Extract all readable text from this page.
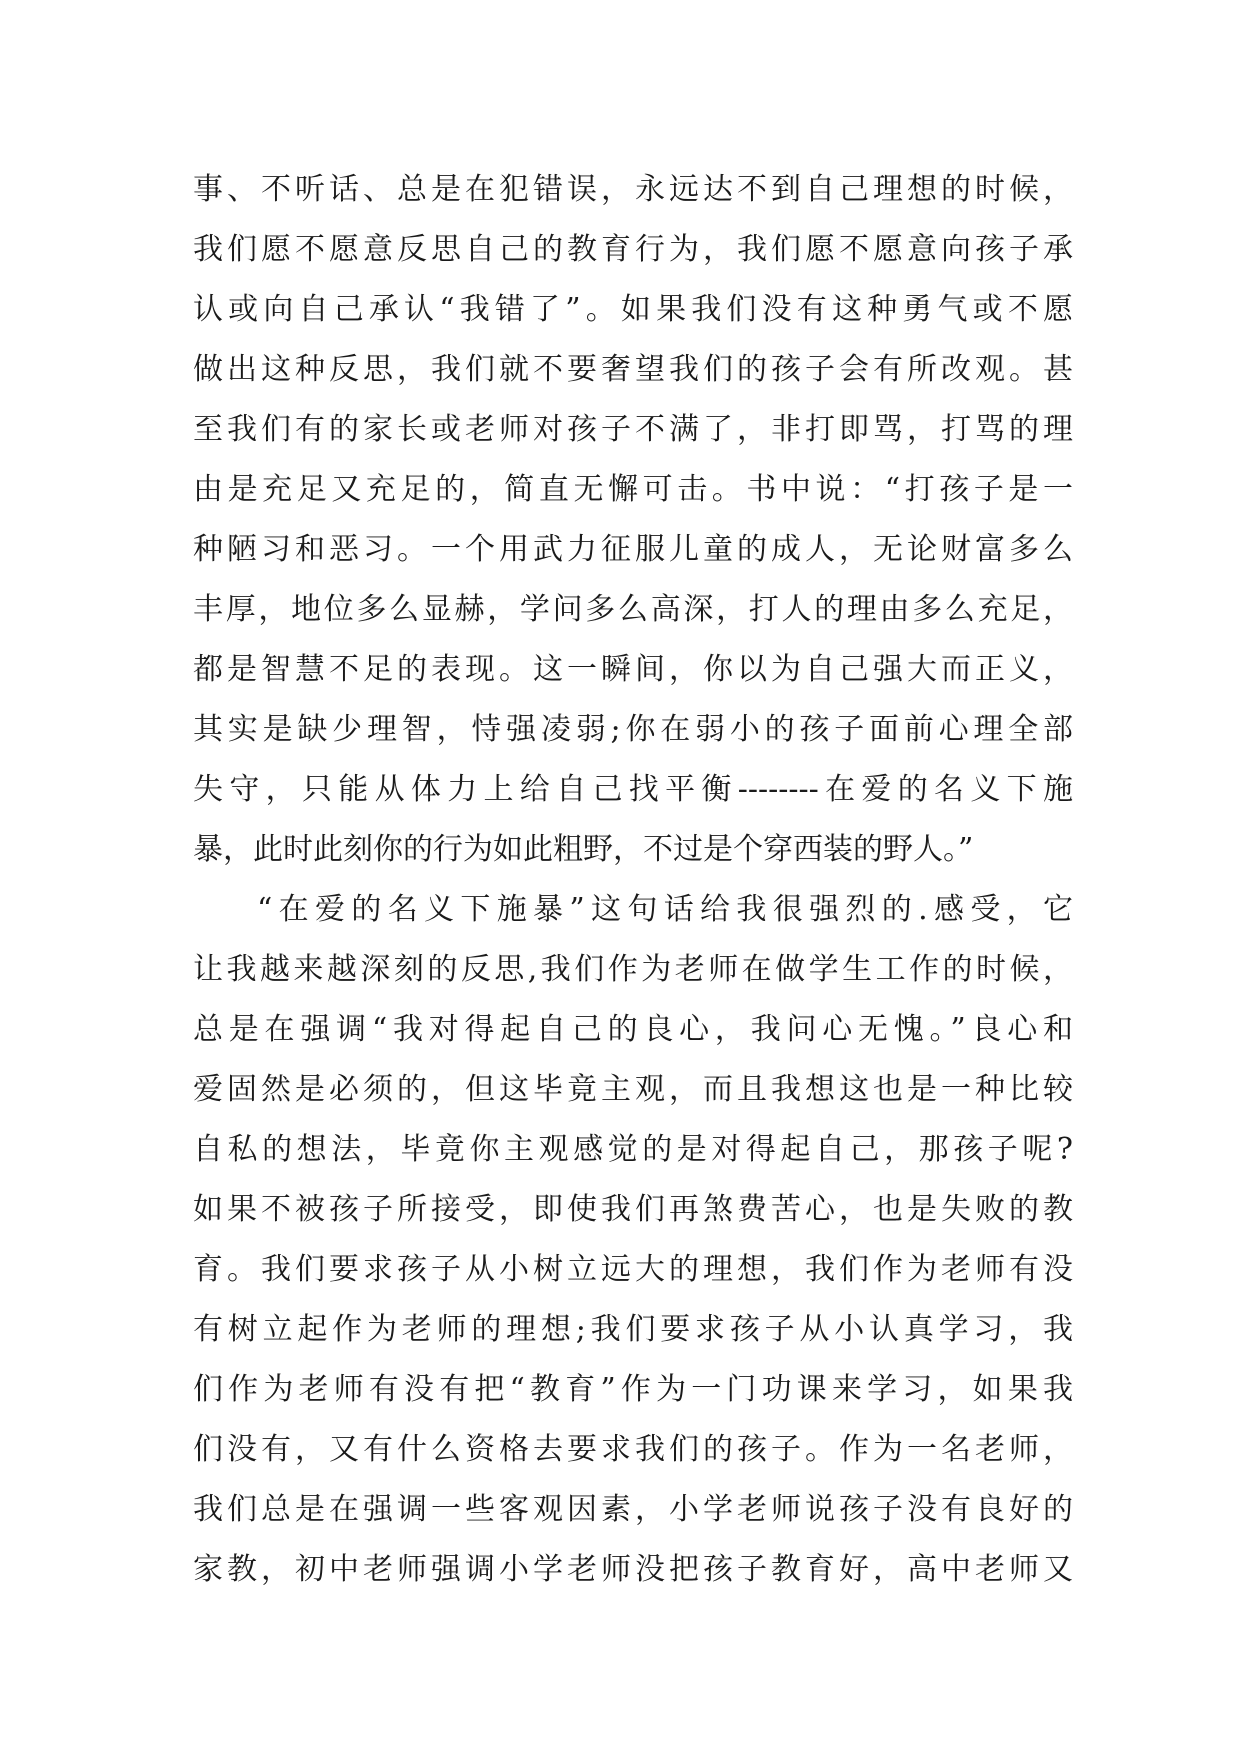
事、不听话、总是在犯错误，永远达不到自己理想的时候，
我们愿不愿意反思自己的教育行为，我们愿不愿意向孩子承
认或向自己承认“我错了”。如果我们没有这种勇气或不愿
做出这种反思，我们就不要奢望我们的孩子会有所改观。甚
至我们有的家长或老师对孩子不满了，非打即骂，打骂的理
由是充足又充足的，简直无懈可击。书中说：“打孩子是一
种陋习和恶习。一个用武力征服儿童的成人，无论财富多么
丰厚，地位多么显赫，学问多么高深，打人的理由多么充足，
都是智慧不足的表现。这一瞬间，你以为自己强大而正义，
其实是缺少理智，恃强凌弱;你在弱小的孩子面前心理全部
失守，只能从体力上给自己找平衡--------在爱的名义下施
暴，此时此刻你的行为如此粗野，不过是个穿西装的野人。”
“在爱的名义下施暴”这句话给我很强烈的.感受，它
让我越来越深刻的反思,我们作为老师在做学生工作的时候，
总是在强调“我对得起自己的良心，我问心无愧。”良心和
爱固然是必须的，但这毕竟主观，而且我想这也是一种比较
自私的想法，毕竟你主观感觉的是对得起自己，那孩子呢?
如果不被孩子所接受，即使我们再煞费苦心，也是失败的教
育。我们要求孩子从小树立远大的理想，我们作为老师有没
有树立起作为老师的理想;我们要求孩子从小认真学习，我
们作为老师有没有把“教育”作为一门功课来学习，如果我
们没有，又有什么资格去要求我们的孩子。作为一名老师，
我们总是在强调一些客观因素，小学老师说孩子没有良好的
家教，初中老师强调小学老师没把孩子教育好，高中老师又
